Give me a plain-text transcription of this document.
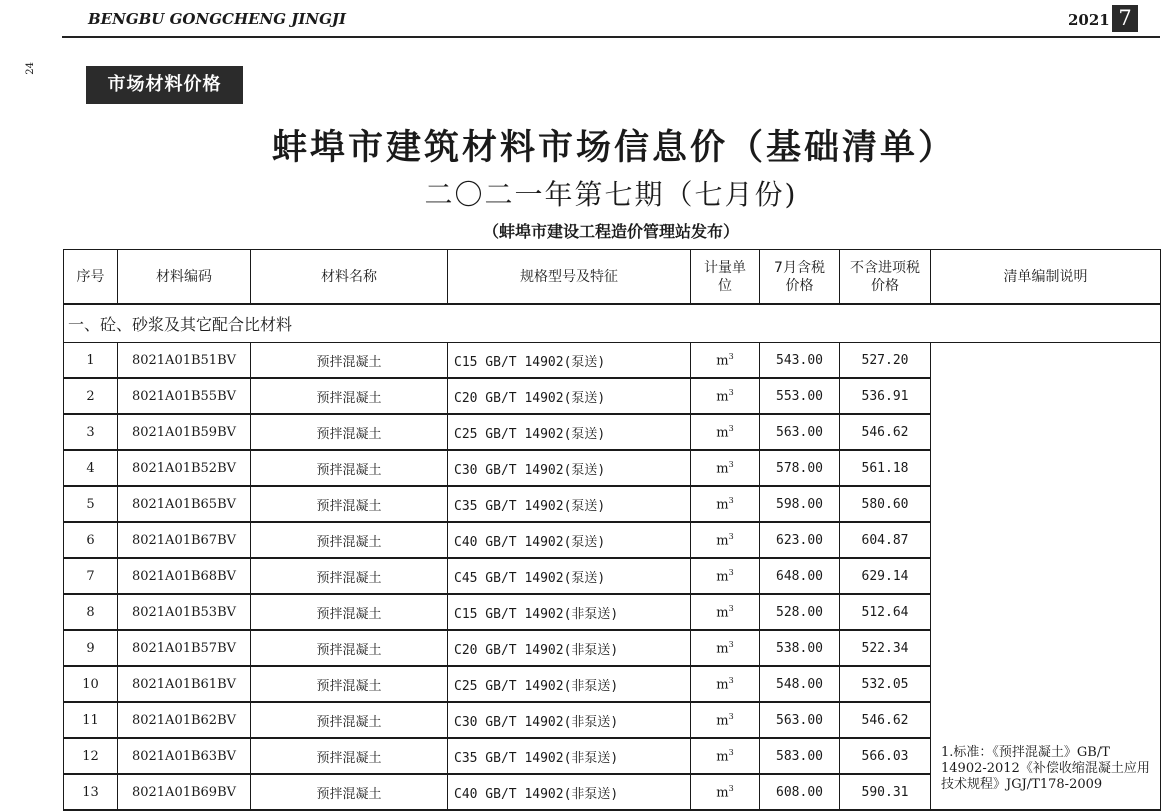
BENGBU GONGCHENG JINGJI	2021 7
24
市场材料价格
蚌埠市建筑材料市场信息价（基础清单）
二〇二一年第七期（七月份)
（蚌埠市建设工程造价管理站发布）
序号	材料编码	材料名称	规格型号及特征	计量单位	7月含税价格	不含进项税价格	清单编制说明
一、砼、砂浆及其它配合比材料							
1	8021A01B51BV	预拌混凝土	C15 GB/T 14902(泵送)	$m^3$	543.00	527.20	1.标准：《预拌混凝土》GB/T 14902-2012《补偿收缩混凝土应用技术规程》JGJ/T178-2009
2	8021A01B55BV	预拌混凝土	C20 GB/T 14902(泵送)	$m^3$	553.00	536.91	
3	8021A01B59BV	预拌混凝土	C25 GB/T 14902(泵送)	$m^3$	563.00	546.62	
4	8021A01B52BV	预拌混凝土	C30 GB/T 14902(泵送)	$m^3$	578.00	561.18	
5	8021A01B65BV	预拌混凝土	C35 GB/T 14902(泵送)	$m^3$	598.00	580.60	
6	8021A01B67BV	预拌混凝土	C40 GB/T 14902(泵送)	$m^3$	623.00	604.87	
7	8021A01B68BV	预拌混凝土	C45 GB/T 14902(泵送)	$m^3$	648.00	629.14	
8	8021A01B53BV	预拌混凝土	C15 GB/T 14902(非泵送)	$m^3$	528.00	512.64	
9	8021A01B57BV	预拌混凝土	C20 GB/T 14902(非泵送)	$m^3$	538.00	522.34	
10	8021A01B61BV	预拌混凝土	C25 GB/T 14902(非泵送)	$m^3$	548.00	532.05	
11	8021A01B62BV	预拌混凝土	C30 GB/T 14902(非泵送)	$m^3$	563.00	546.62	
12	8021A01B63BV	预拌混凝土	C35 GB/T 14902(非泵送)	$m^3$	583.00	566.03	
13	8021A01B69BV	预拌混凝土	C40 GB/T 14902(非泵送)	$m^3$	608.00	590.31	
